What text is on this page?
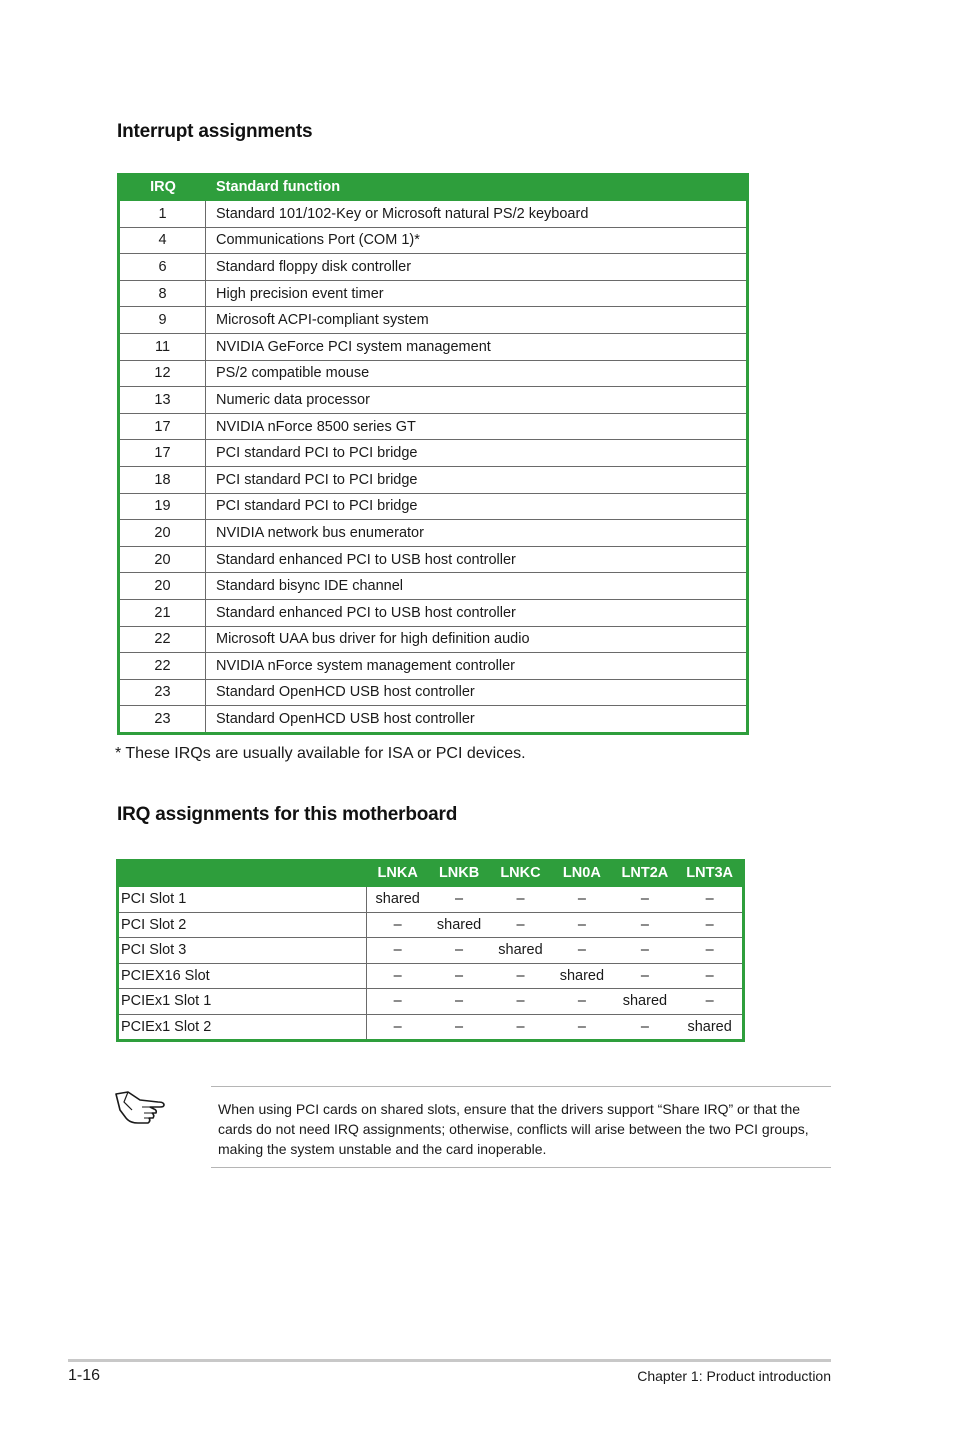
Interrupt assignments
IRQ	Standard function
1	Standard 101/102-Key or Microsoft natural PS/2 keyboard
4	Communications Port (COM 1)*
6	Standard floppy disk controller
8	High precision event timer
9	Microsoft ACPI-compliant system
11	NVIDIA GeForce PCI system management
12	PS/2 compatible mouse
13	Numeric data processor
17	NVIDIA nForce 8500 series GT
17	PCI standard PCI to PCI bridge
18	PCI standard PCI to PCI bridge
19	PCI standard PCI to PCI bridge
20	NVIDIA network bus enumerator
20	Standard enhanced PCI to USB host controller
20	Standard bisync IDE channel
21	Standard enhanced PCI to USB host controller
22	Microsoft UAA bus driver for high definition audio
22	NVIDIA nForce system management controller
23	Standard OpenHCD USB host controller
23	Standard OpenHCD USB host controller
* These IRQs are usually available for ISA or PCI devices.
IRQ assignments for this motherboard
	LNKA	LNKB	LNKC	LN0A	LNT2A	LNT3A
PCI Slot 1	shared	–	–	–	–	–
PCI Slot 2	–	shared	–	–	–	–
PCI Slot 3	–	–	shared	–	–	–
PCIEX16 Slot	–	–	–	shared	–	–
PCIEx1 Slot 1	–	–	–	–	shared	–
PCIEx1 Slot 2	–	–	–	–	–	shared

When using PCI cards on shared slots, ensure that the drivers support “Share IRQ” or that the cards do not need IRQ assignments; otherwise, conflicts will arise between the two PCI groups, making the system unstable and the card inoperable.

1-16	Chapter 1: Product introduction
